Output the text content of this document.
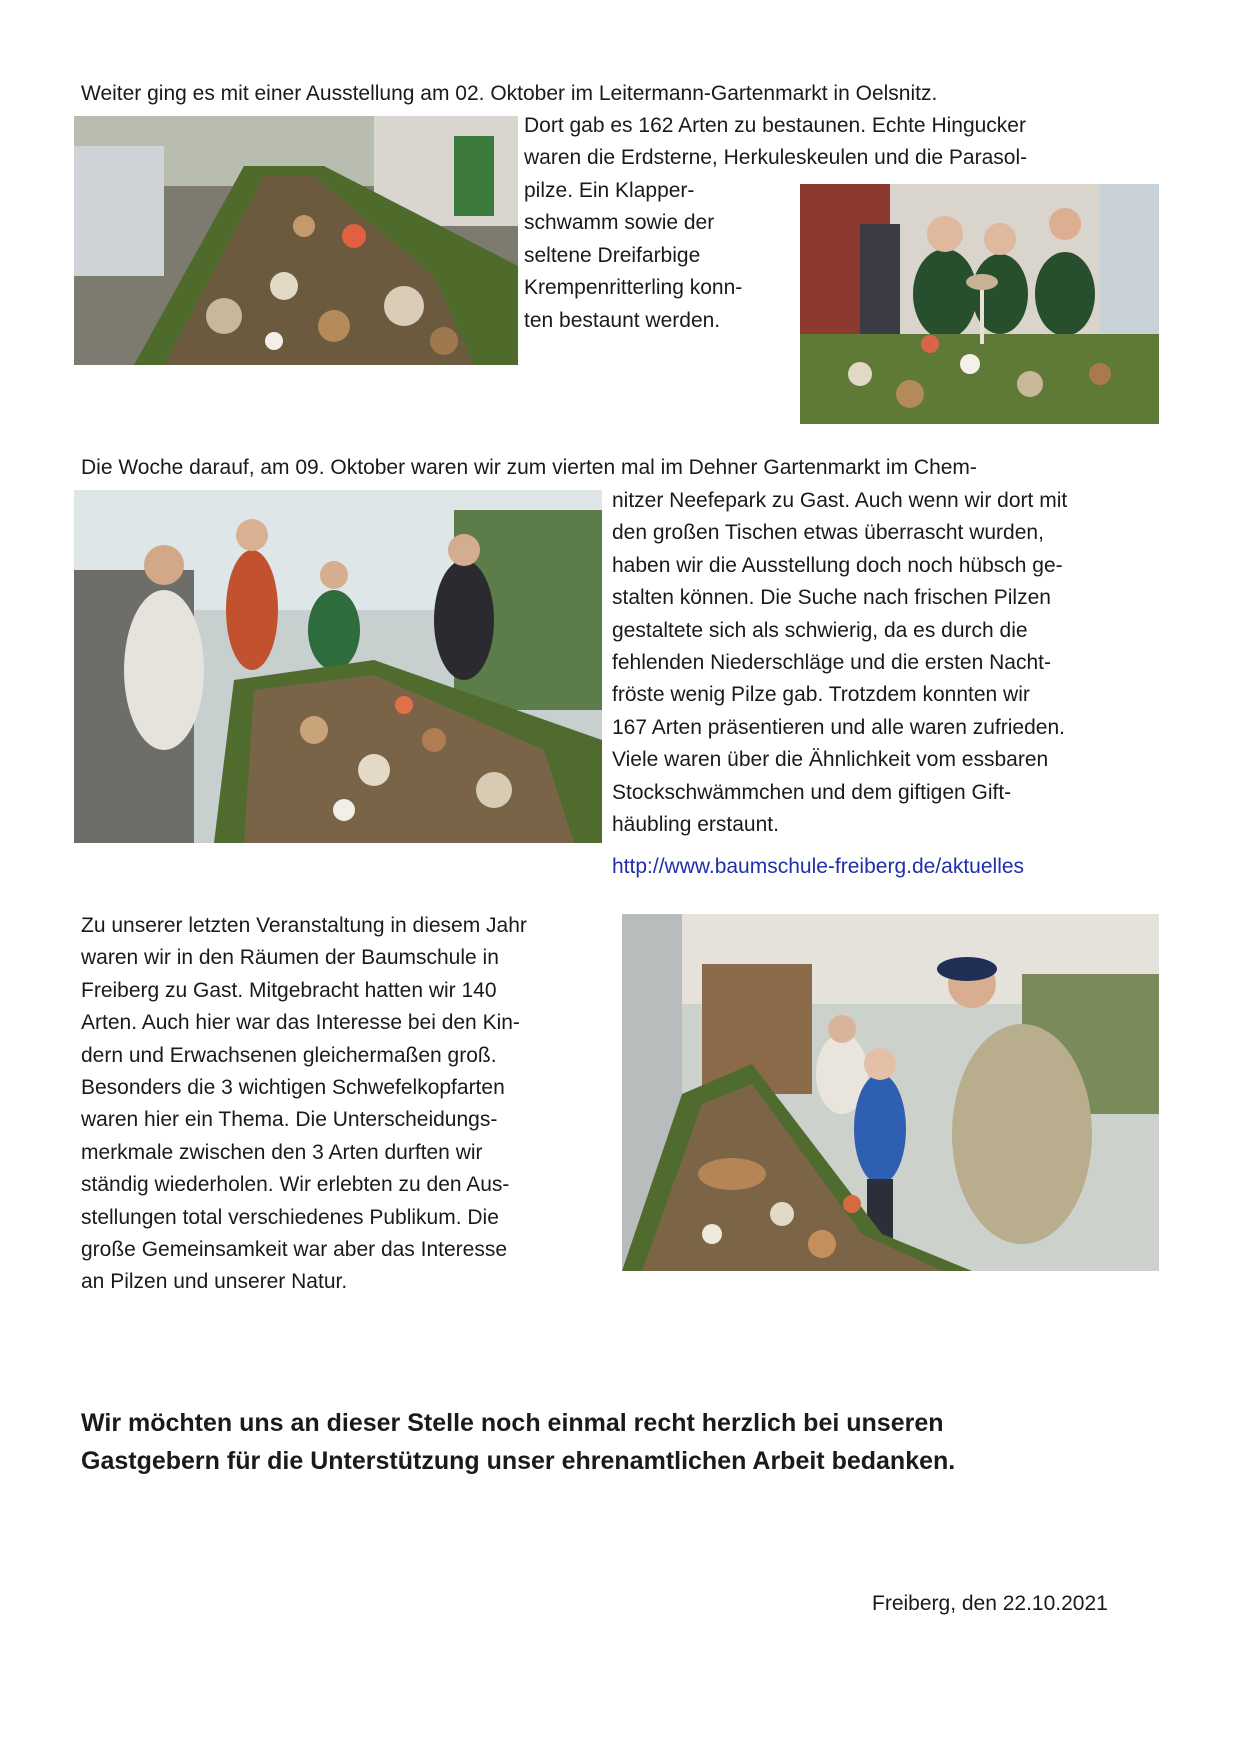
Weiter ging es mit einer Ausstellung am 02. Oktober im Leitermann-Gartenmarkt in Oelsnitz.
Dort gab es 162 Arten zu bestaunen. Echte Hingucker
waren die Erdsterne, Herkuleskeulen und die Parasol-
pilze. Ein Klapper-
schwamm sowie der
seltene Dreifarbige
Krempenritterling konn-
ten bestaunt werden.
Die Woche darauf, am 09. Oktober waren wir zum vierten mal im Dehner Gartenmarkt im Chem-
nitzer Neefepark zu Gast. Auch wenn wir dort mit
den großen Tischen etwas überrascht wurden,
haben wir die Ausstellung doch noch hübsch ge-
stalten können. Die Suche nach frischen Pilzen
gestaltete sich als schwierig, da es durch die
fehlenden Niederschläge und die ersten Nacht-
fröste wenig Pilze gab. Trotzdem konnten wir
167 Arten präsentieren und alle waren zufrieden.
Viele waren über die Ähnlichkeit vom essbaren
Stockschwämmchen und dem giftigen Gift-
häubling erstaunt.
http://www.baumschule-freiberg.de/aktuelles
Zu unserer letzten Veranstaltung in diesem Jahr
waren wir in den Räumen der Baumschule in
Freiberg zu Gast. Mitgebracht hatten wir 140
Arten. Auch hier war das Interesse bei den Kin-
dern und Erwachsenen gleichermaßen groß.
Besonders die 3 wichtigen Schwefelkopfarten
waren hier ein Thema. Die Unterscheidungs-
merkmale zwischen den 3 Arten durften wir
ständig wiederholen. Wir erlebten zu den Aus-
stellungen total verschiedenes Publikum. Die
große Gemeinsamkeit war aber das Interesse
an Pilzen und unserer Natur.
Wir möchten uns an dieser Stelle noch einmal recht herzlich bei unseren
Gastgebern für die Unterstützung unser ehrenamtlichen Arbeit bedanken.
Freiberg, den 22.10.2021
